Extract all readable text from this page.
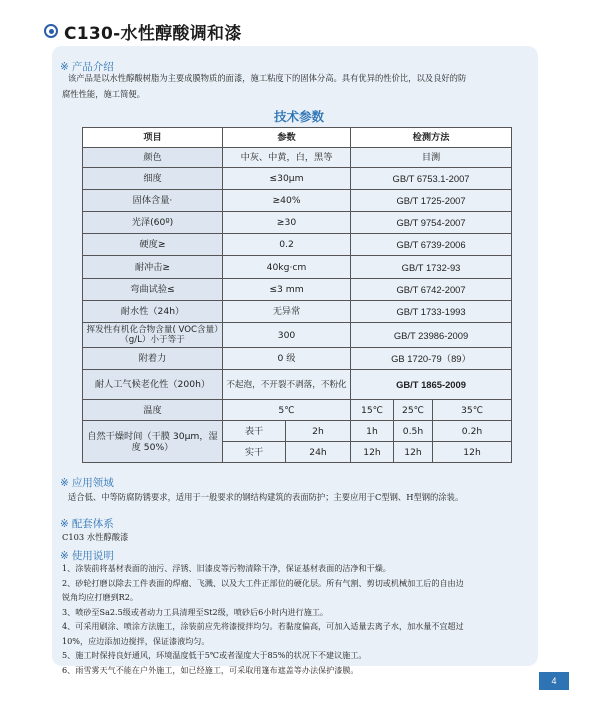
C130-水性醇酸调和漆
※ 产品介绍
该产品是以水性醇酸树脂为主要成膜物质的面漆，施工粘度下的固体分高。具有优异的性价比，以及良好的防
腐性性能，施工简便。
技术参数
项目	参数		检测方法		
颜色	中灰、中黄，白，黑等		目测		
细度	≤30μm		GB/T 6753.1-2007		
固体含量·	≥40%		GB/T 1725-2007		
光泽(60º)	≥30		GB/T 9754-2007		
硬度≥	0.2		GB/T 6739-2006		
耐冲击≥	40kg·cm		GB/T 1732-93		
弯曲试验≤	≤3 mm		GB/T 6742-2007		
耐水性（24h）	无异常		GB/T 1733-1993		
挥发性有机化合物含量( VOC含量）（g/L）小于等于	300		GB/T 23986-2009		
附着力	0 级		GB 1720-79（89）		
耐人工气候老化性（200h）	不起泡，不开裂不剥落，不粉化		GB/T 1865-2009		
温度	5℃		15℃	25℃	35℃
自然干燥时间（干膜 30μm，湿度 50%）	表干	2h	1h	0.5h	0.2h
	实干	24h	12h	12h	12h
※ 应用领域
适合低、中等防腐防锈要求，适用于一般要求的钢结构建筑的表面防护；主要应用于C型钢、H型钢的涂装。
※ 配套体系
C103 水性醇酸漆
※ 使用说明
1、涂装前将基材表面的油污、浮锈、旧漆皮等污物清除干净，保证基材表面的洁净和干燥。
2、砂轮打磨以除去工件表面的焊瘤、飞溅、以及大工件正部位的硬化层。所有气割、剪切或机械加工后的自由边
锐角均应打磨到R2。
3、喷砂至Sa2.5级或者动力工具清理至St2级，喷砂后6小时内进行施工。
4、可采用刷涂、喷涂方法施工，涂装前应先将漆搅拌均匀。若黏度偏高，可加入适量去离子水，加水量不宜超过
10%，应边添加边搅拌，保证漆液均匀。
5、施工时保持良好通风，环境温度低于5℃或者湿度大于85%的状况下不建议施工。
6、雨雪雾天气不能在户外施工，如已经施工，可采取用篷布遮盖等办法保护漆膜。
4
